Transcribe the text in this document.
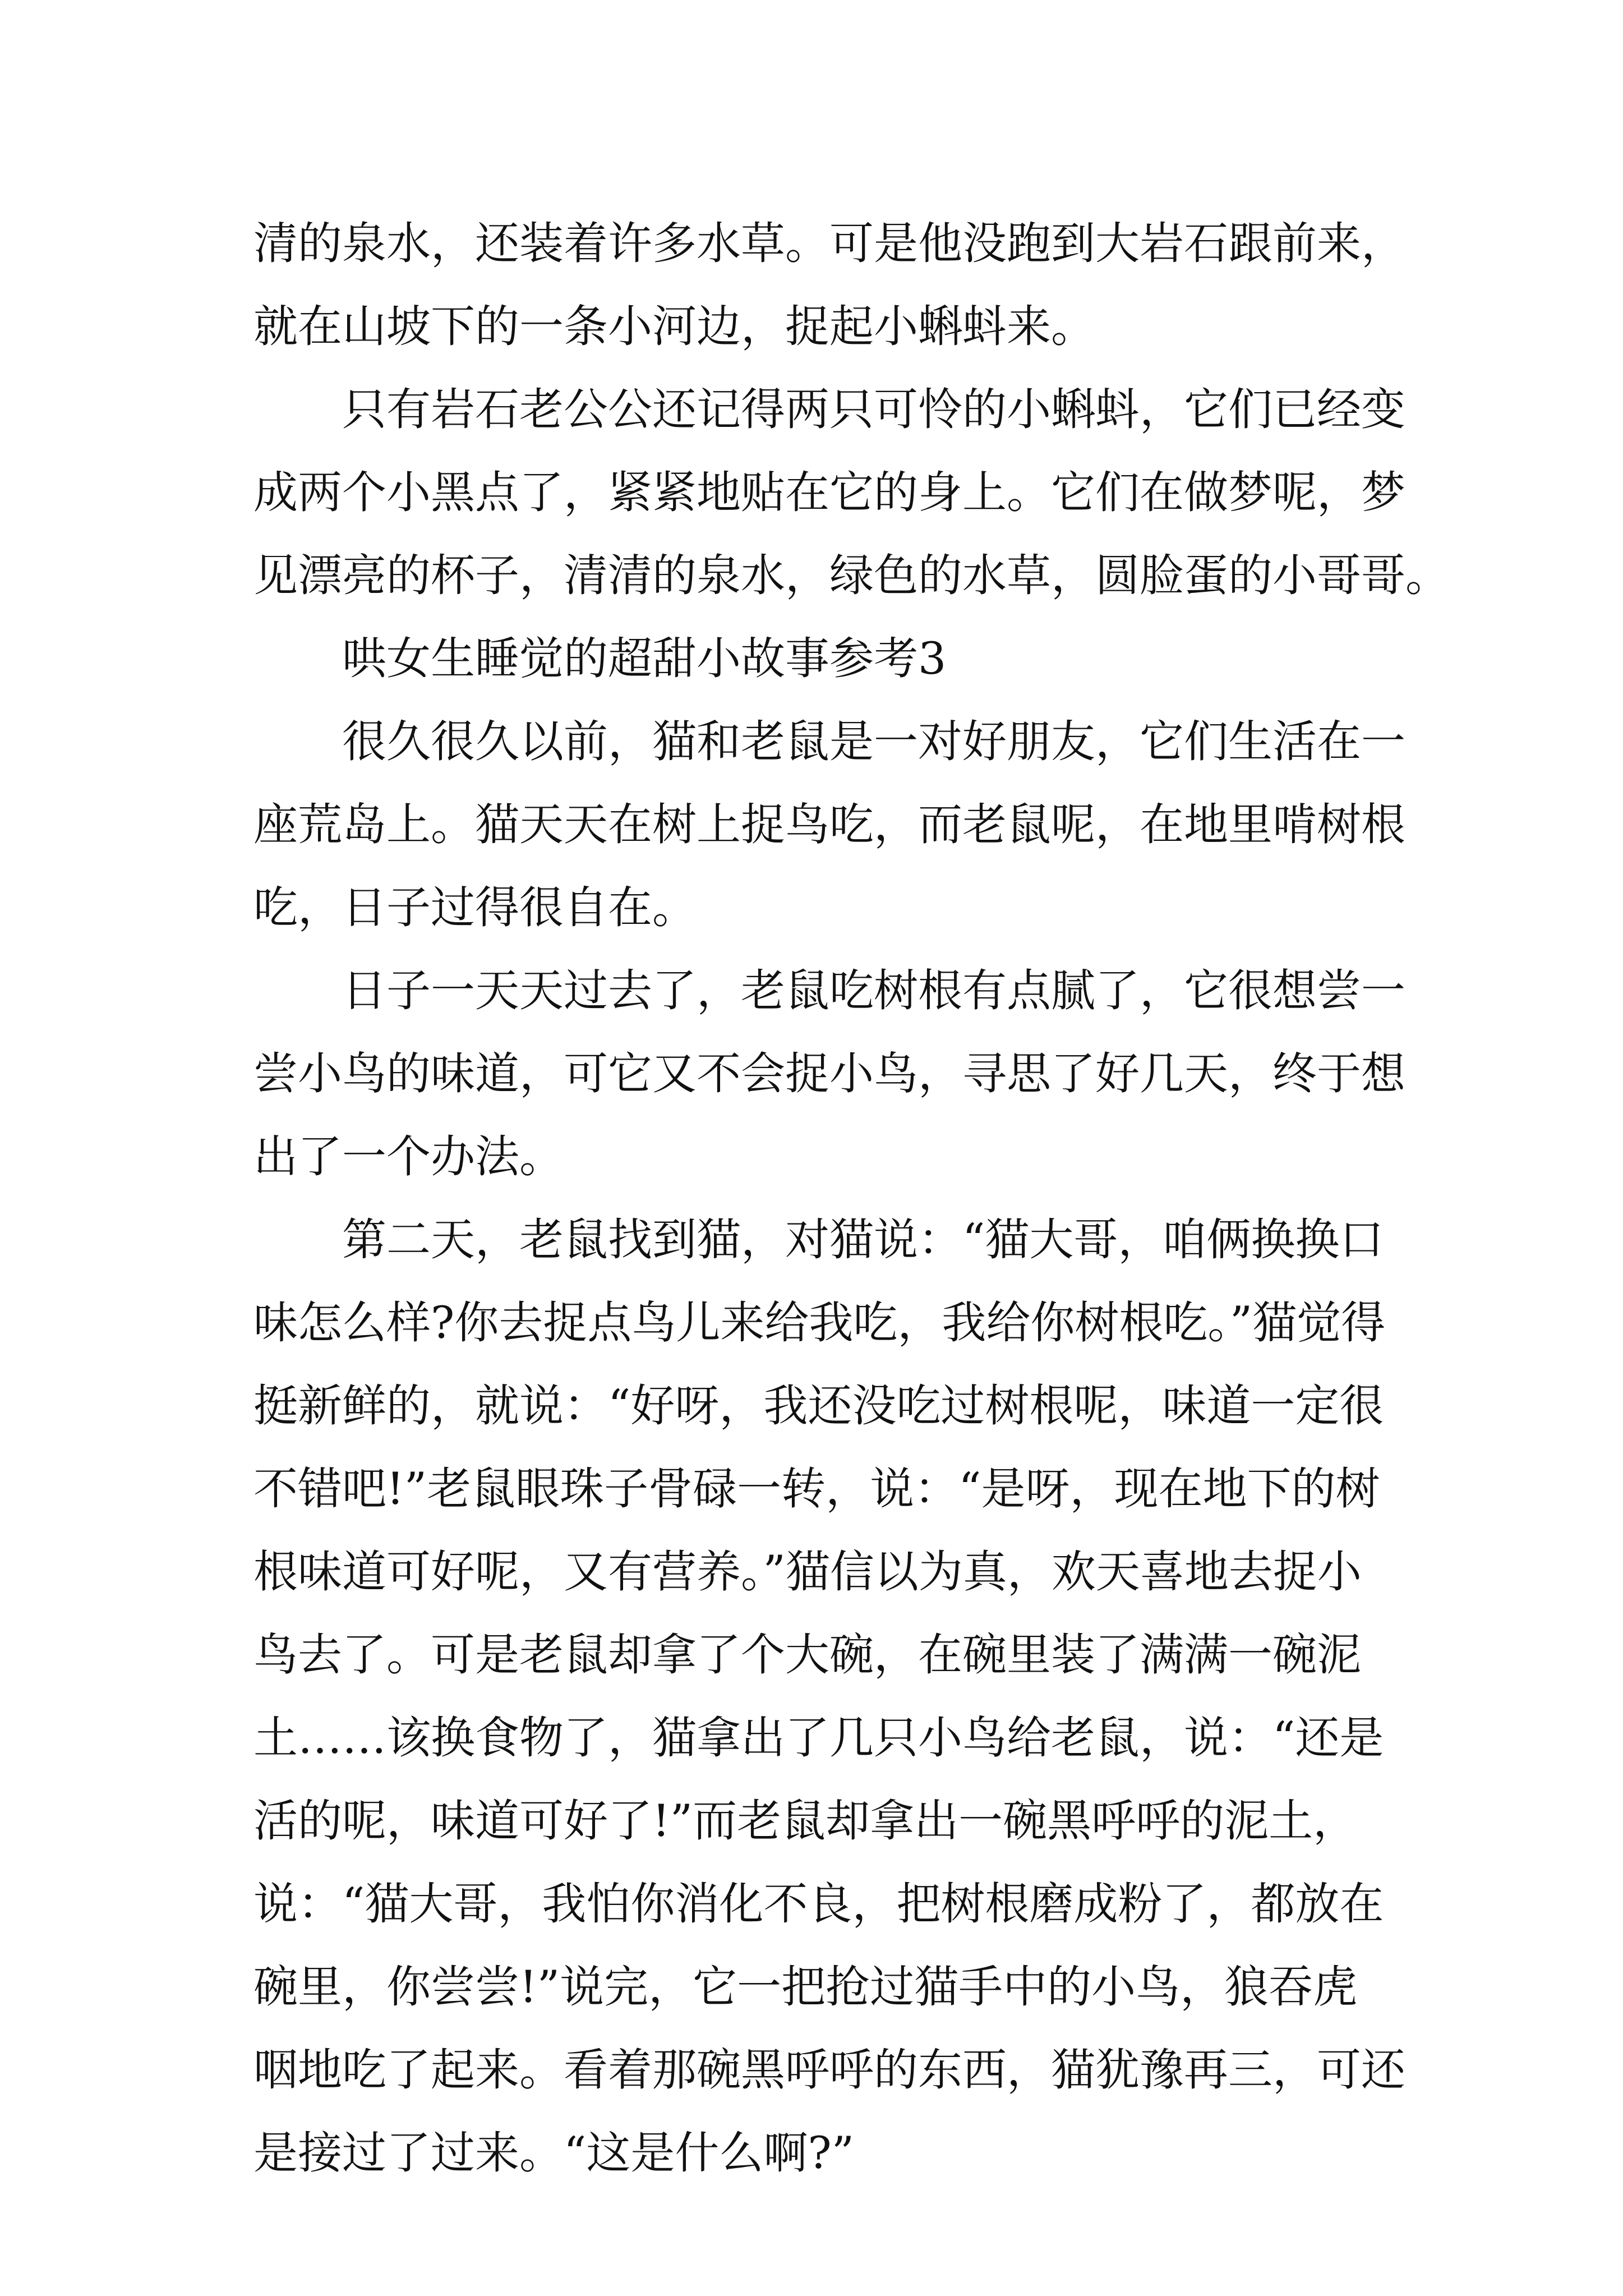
清的泉水，还装着许多水草。可是他没跑到大岩石跟前来，
就在山坡下的一条小河边，捉起小蝌蚪来。
只有岩石老公公还记得两只可怜的小蝌蚪，它们已经变
成两个小黑点了，紧紧地贴在它的身上。它们在做梦呢，梦
见漂亮的杯子，清清的泉水，绿色的水草，圆脸蛋的小哥哥。
哄女生睡觉的超甜小故事参考3
很久很久以前，猫和老鼠是一对好朋友，它们生活在一
座荒岛上。猫天天在树上捉鸟吃，而老鼠呢，在地里啃树根
吃，日子过得很自在。
日子一天天过去了，老鼠吃树根有点腻了，它很想尝一
尝小鸟的味道，可它又不会捉小鸟，寻思了好几天，终于想
出了一个办法。
第二天，老鼠找到猫，对猫说：“猫大哥，咱俩换换口
味怎么样?你去捉点鸟儿来给我吃，我给你树根吃。”猫觉得
挺新鲜的，就说：“好呀，我还没吃过树根呢，味道一定很
不错吧!”老鼠眼珠子骨碌一转，说：“是呀，现在地下的树
根味道可好呢，又有营养。”猫信以为真，欢天喜地去捉小
鸟去了。可是老鼠却拿了个大碗，在碗里装了满满一碗泥
土……该换食物了，猫拿出了几只小鸟给老鼠，说：“还是
活的呢，味道可好了!”而老鼠却拿出一碗黑呼呼的泥土，
说：“猫大哥，我怕你消化不良，把树根磨成粉了，都放在
碗里，你尝尝!”说完，它一把抢过猫手中的小鸟，狼吞虎
咽地吃了起来。看着那碗黑呼呼的东西，猫犹豫再三，可还
是接过了过来。“这是什么啊?”
